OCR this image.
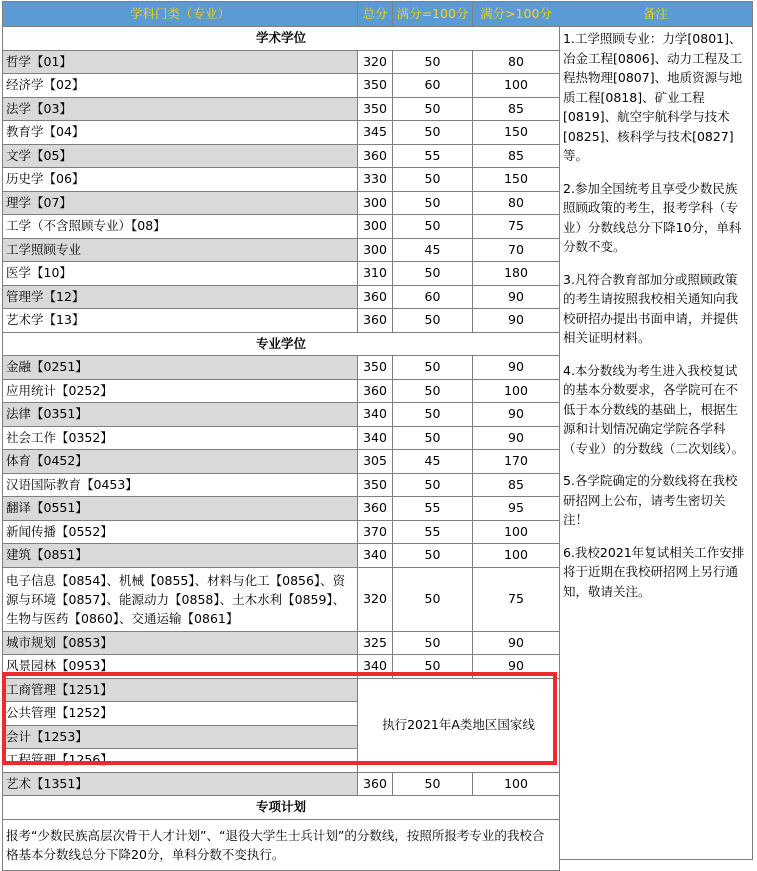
学科门类（专业）	总分	满分=100分	满分>100分
学术学位			
哲学【01】	320	50	80
经济学【02】	350	60	100
法学【03】	350	50	85
教育学【04】	345	50	150
文学【05】	360	55	85
历史学【06】	330	50	150
理学【07】	300	50	80
工学（不含照顾专业）【08】	300	50	75
工学照顾专业	300	45	70
医学【10】	310	50	180
管理学【12】	360	60	90
艺术学【13】	360	50	90
专业学位			
金融【0251】	350	50	90
应用统计【0252】	360	50	100
法律【0351】	340	50	90
社会工作【0352】	340	50	90
体育【0452】	305	45	170
汉语国际教育【0453】	350	50	85
翻译【0551】	360	55	95
新闻传播【0552】	370	55	100
建筑【0851】	340	50	100
电子信息【0854】、机械【0855】、材料与化工【0856】、资源与环境【0857】、能源动力【0858】、土木水利【0859】、生物与医药【0860】、交通运输【0861】	320	50	75
城市规划【0853】	325	50	90
风景园林【0953】	340	50	90
工商管理【1251】	执行2021年A类地区国家线		
公共管理【1252】			
会计【1253】			
工程管理【1256】			
艺术【1351】	360	50	100
专项计划			
报考“少数民族高层次骨干人才计划”、“退役大学生士兵计划”的分数线，按照所报考专业的我校合格基本分数线总分下降20分，单科分数不变执行。			
备注

1.工学照顾专业：力学[0801]、冶金工程[0806]、动力工程及工程热物理[0807]、地质资源与地质工程[0818]、矿业工程[0819]、航空宇航科学与技术[0825]、核科学与技术[0827]等。

2.参加全国统考且享受少数民族照顾政策的考生，报考学科（专业）分数线总分下降10分，单科分数不变。

3.凡符合教育部加分或照顾政策的考生请按照我校相关通知向我校研招办提出书面申请，并提供相关证明材料。

4.本分数线为考生进入我校复试的基本分数要求，各学院可在不低于本分数线的基础上，根据生源和计划情况确定学院各学科（专业）的分数线（二次划线）。

5.各学院确定的分数线将在我校研招网上公布，请考生密切关注！

6.我校2021年复试相关工作安排将于近期在我校研招网上另行通知，敬请关注。
